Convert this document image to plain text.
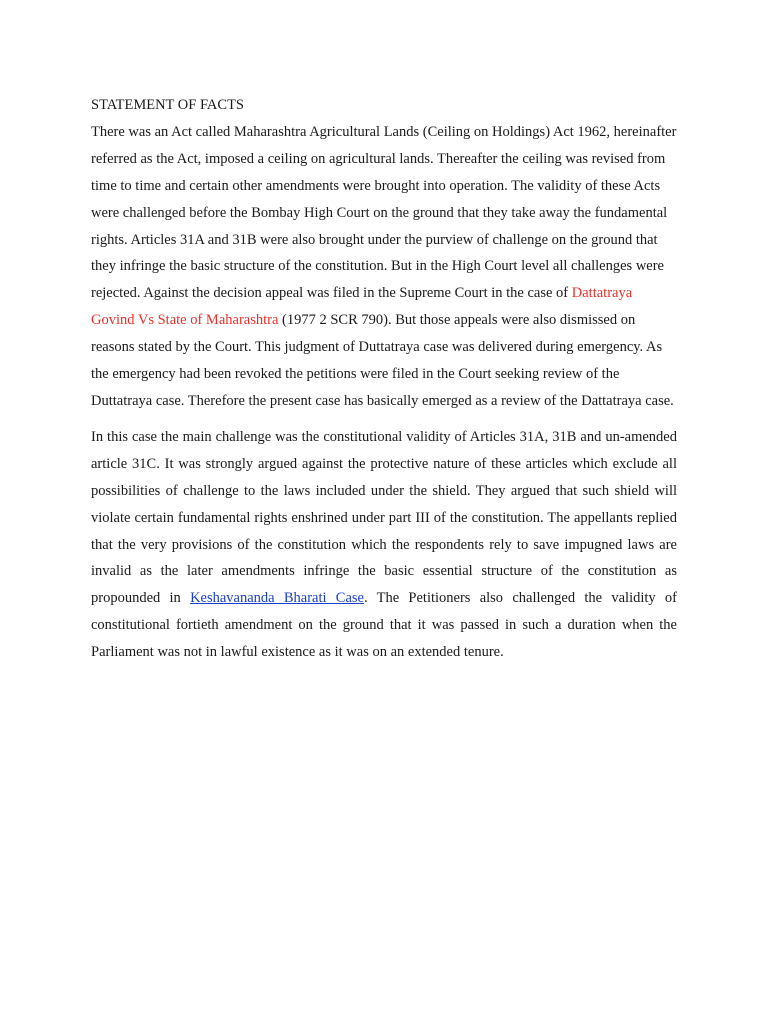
STATEMENT OF FACTS

There was an Act called Maharashtra Agricultural Lands (Ceiling on Holdings) Act 1962, hereinafter referred as the Act, imposed a ceiling on agricultural lands. Thereafter the ceiling was revised from time to time and certain other amendments were brought into operation. The validity of these Acts were challenged before the Bombay High Court on the ground that they take away the fundamental rights. Articles 31A and 31B were also brought under the purview of challenge on the ground that they infringe the basic structure of the constitution. But in the High Court level all challenges were rejected. Against the decision appeal was filed in the Supreme Court in the case of Dattatraya Govind Vs State of Maharashtra (1977 2 SCR 790). But those appeals were also dismissed on reasons stated by the Court. This judgment of Duttatraya case was delivered during emergency. As the emergency had been revoked the petitions were filed in the Court seeking review of the Duttatraya case. Therefore the present case has basically emerged as a review of the Dattatraya case.

In this case the main challenge was the constitutional validity of Articles 31A, 31B and un-amended article 31C. It was strongly argued against the protective nature of these articles which exclude all possibilities of challenge to the laws included under the shield. They argued that such shield will violate certain fundamental rights enshrined under part III of the constitution. The appellants replied that the very provisions of the constitution which the respondents rely to save impugned laws are invalid as the later amendments infringe the basic essential structure of the constitution as propounded in Keshavananda Bharati Case. The Petitioners also challenged the validity of constitutional fortieth amendment on the ground that it was passed in such a duration when the Parliament was not in lawful existence as it was on an extended tenure.
